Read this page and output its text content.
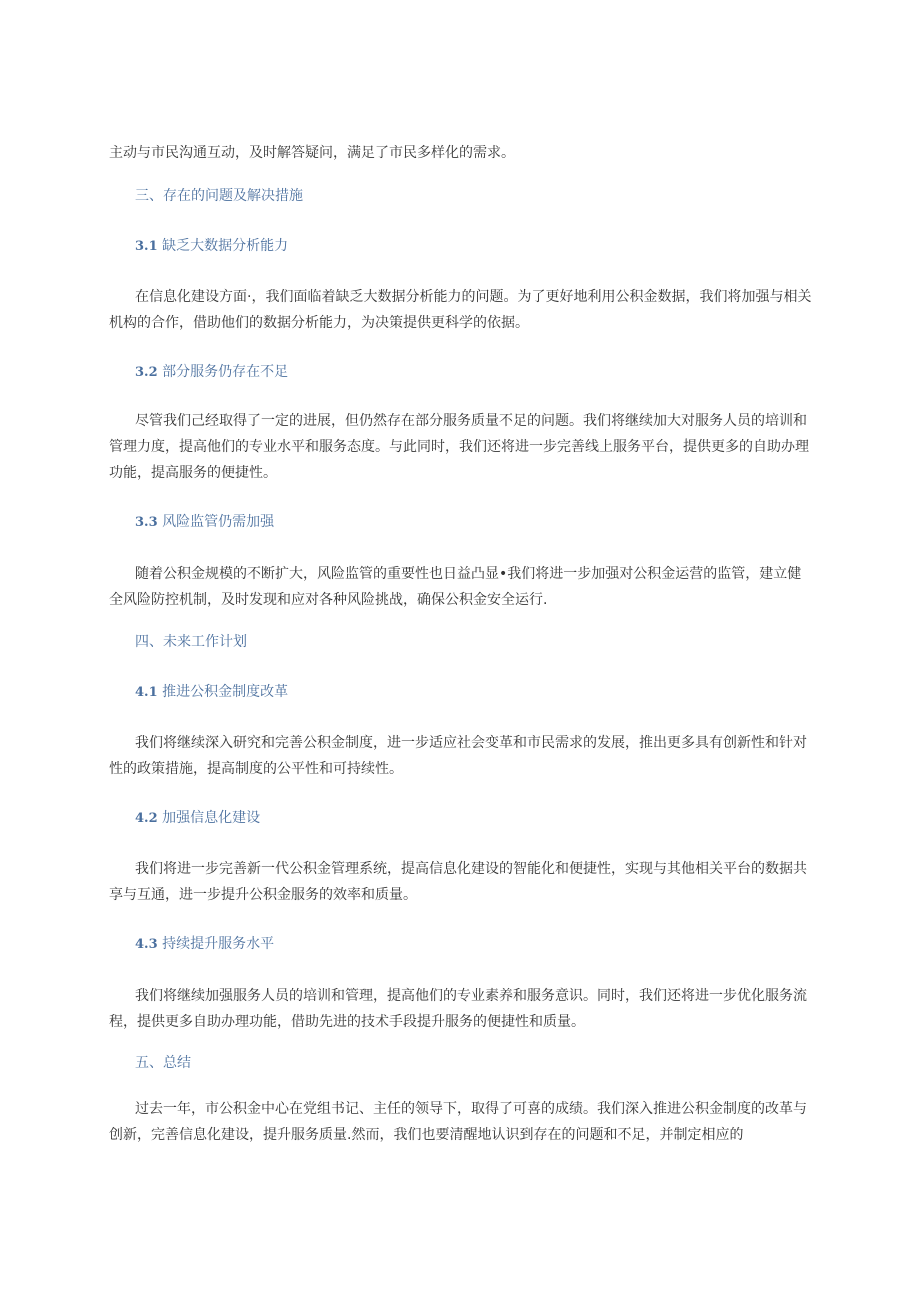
主动与市民沟通互动，及时解答疑问，满足了市民多样化的需求。

三、存在的问题及解决措施
3.1 缺乏大数据分析能力

在信息化建设方面·，我们面临着缺乏大数据分析能力的问题。为了更好地利用公积金数据，我们将加强与相关机构的合作，借助他们的数据分析能力，为决策提供更科学的依据。

3.2 部分服务仍存在不足

尽管我们己经取得了一定的进展，但仍然存在部分服务质量不足的问题。我们将继续加大对服务人员的培训和管理力度，提高他们的专业水平和服务态度。与此同时，我们还将进一步完善线上服务平台，提供更多的自助办理功能，提高服务的便捷性。

3.3 风险监管仍需加强

随着公积金规模的不断扩大，风险监管的重要性也日益凸显•我们将进一步加强对公积金运营的监管，建立健全风险防控机制，及时发现和应对各种风险挑战，确保公积金安全运行.

四、未来工作计划
4.1 推进公积金制度改革

我们将继续深入研究和完善公积金制度，进一步适应社会变革和市民需求的发展，推出更多具有创新性和针对性的政策措施，提高制度的公平性和可持续性。

4.2 加强信息化建设

我们将进一步完善新一代公积金管理系统，提高信息化建设的智能化和便捷性，实现与其他相关平台的数据共享与互通，进一步提升公积金服务的效率和质量。

4.3 持续提升服务水平

我们将继续加强服务人员的培训和管理，提高他们的专业素养和服务意识。同时，我们还将进一步优化服务流程，提供更多自助办理功能，借助先进的技术手段提升服务的便捷性和质量。

五、总结

过去一年，市公积金中心在党组书记、主任的领导下，取得了可喜的成绩。我们深入推进公积金制度的改革与创新，完善信息化建设，提升服务质量.然而，我们也要清醒地认识到存在的问题和不足，并制定相应的
